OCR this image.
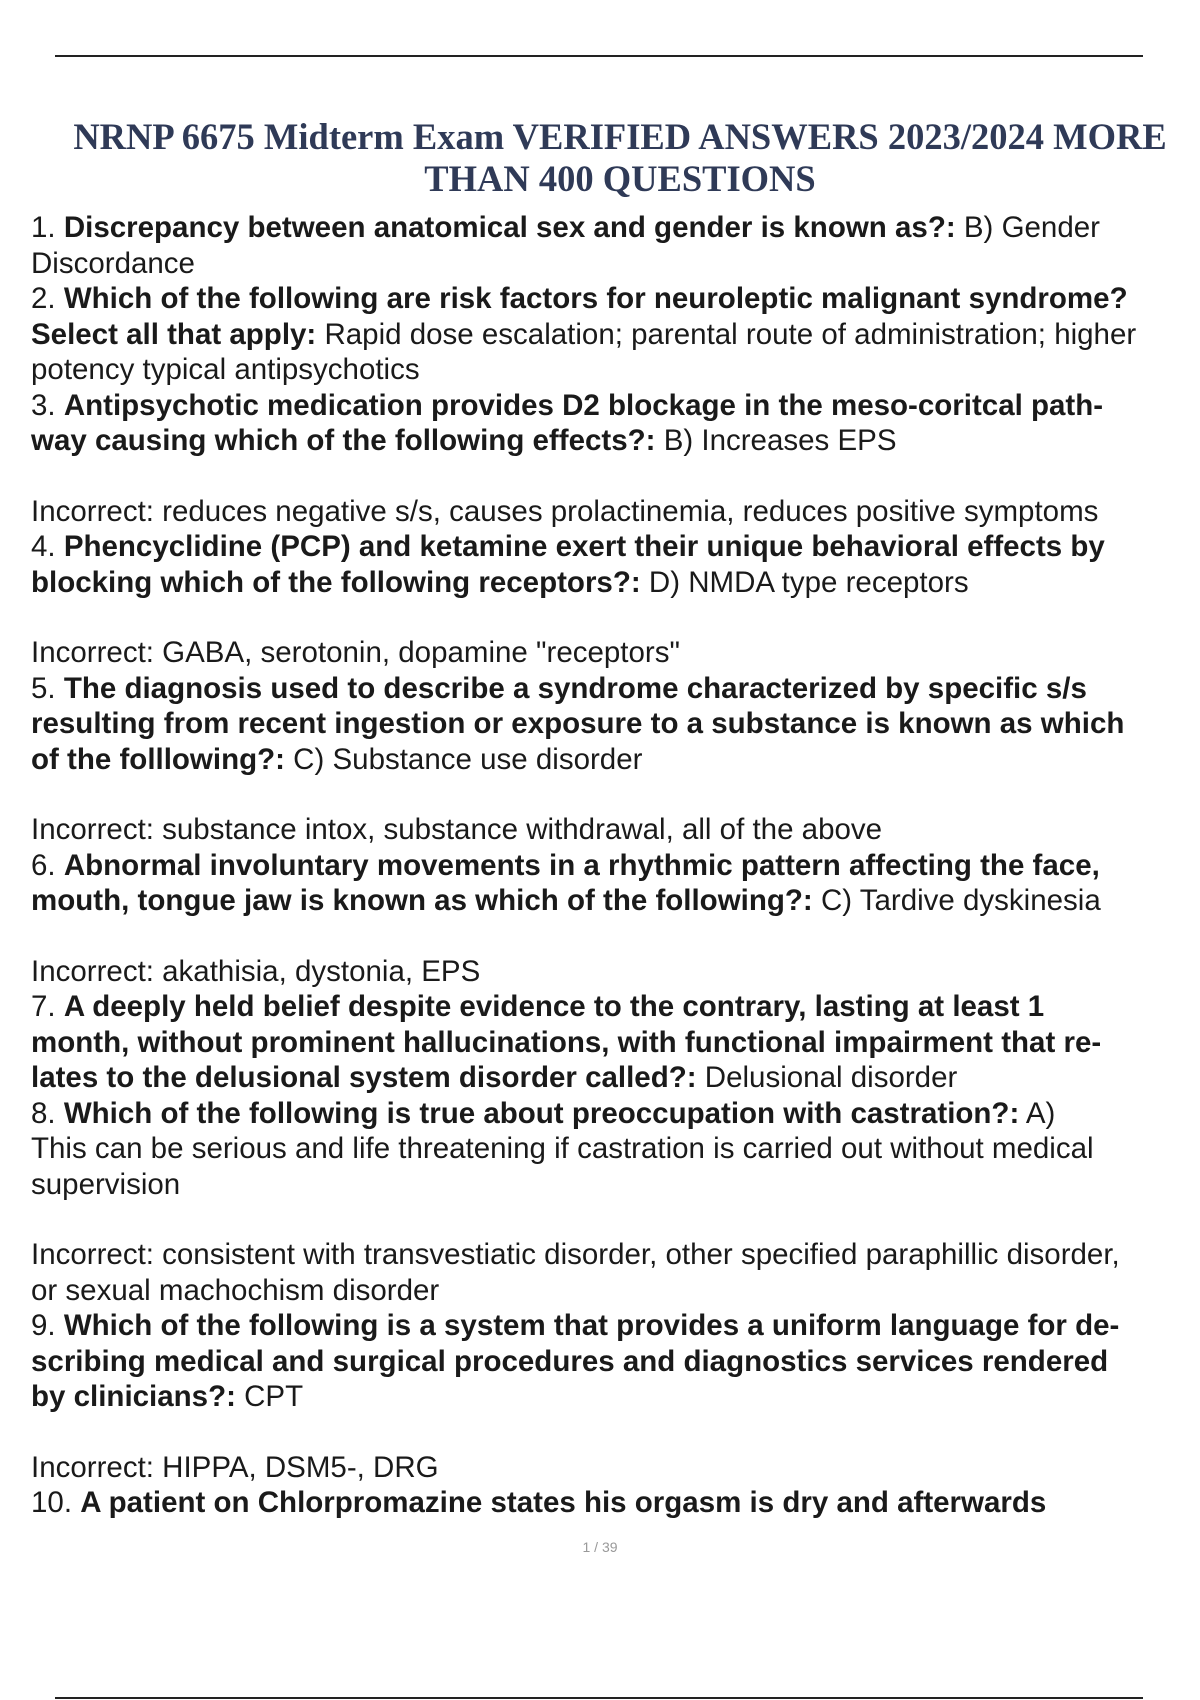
NRNP 6675 Midterm Exam VERIFIED ANSWERS 2023/2024 MORE
THAN 400 QUESTIONS
1. Discrepancy between anatomical sex and gender is known as?: B) Gender
Discordance
2. Which of the following are risk factors for neuroleptic malignant syndrome?
Select all that apply: Rapid dose escalation; parental route of administration; higher
potency typical antipsychotics
3. Antipsychotic medication provides D2 blockage in the meso-coritcal path-
way causing which of the following effects?: B) Increases EPS
Incorrect: reduces negative s/s, causes prolactinemia, reduces positive symptoms
4. Phencyclidine (PCP) and ketamine exert their unique behavioral effects by
blocking which of the following receptors?: D) NMDA type receptors
Incorrect: GABA, serotonin, dopamine "receptors"
5. The diagnosis used to describe a syndrome characterized by specific s/s
resulting from recent ingestion or exposure to a substance is known as which
of the folllowing?: C) Substance use disorder
Incorrect: substance intox, substance withdrawal, all of the above
6. Abnormal involuntary movements in a rhythmic pattern affecting the face,
mouth, tongue jaw is known as which of the following?: C) Tardive dyskinesia
Incorrect: akathisia, dystonia, EPS
7. A deeply held belief despite evidence to the contrary, lasting at least 1
month, without prominent hallucinations, with functional impairment that re-
lates to the delusional system disorder called?: Delusional disorder
8. Which of the following is true about preoccupation with castration?: A)
This can be serious and life threatening if castration is carried out without medical
supervision
Incorrect: consistent with transvestiatic disorder, other specified paraphillic disorder,
or sexual machochism disorder
9. Which of the following is a system that provides a uniform language for de-
scribing medical and surgical procedures and diagnostics services rendered
by clinicians?: CPT
Incorrect: HIPPA, DSM5-, DRG
10. A patient on Chlorpromazine states his orgasm is dry and afterwards
1 / 39
